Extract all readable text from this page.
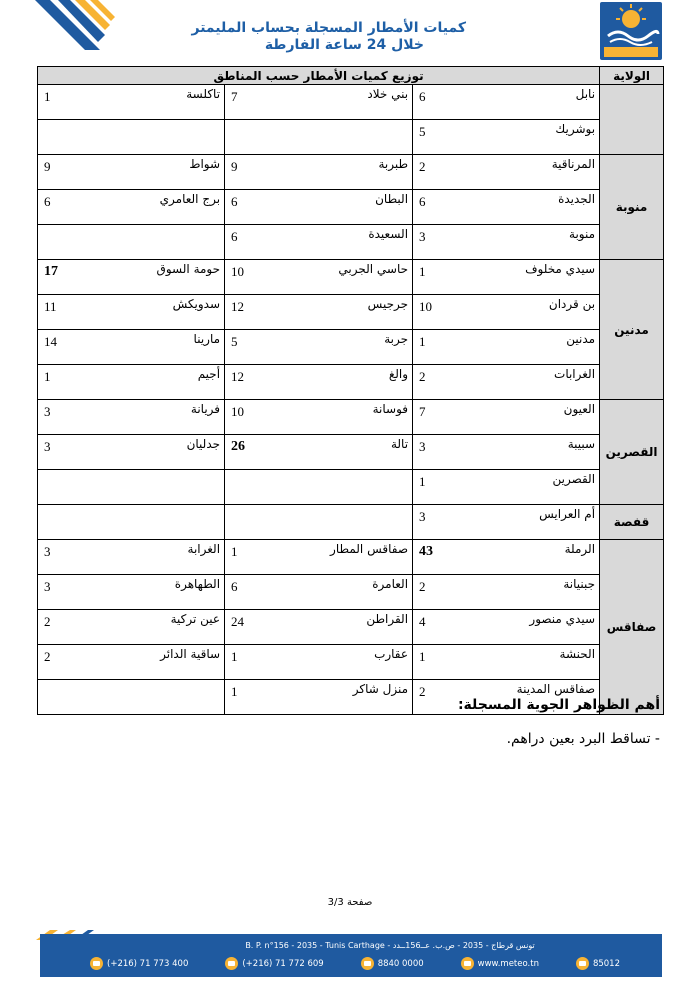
كميات الأمطار المسجلة بحساب المليمتر
خلال 24 ساعة الفارطة
الولاية	توزيع كميات الأمطار حسب المناطق					
	نابل	6	بني خلاد	7	تاكلسة	1
	بوشريك	5				
منوبة	المرناقية	2	طبربة	9	شواط	9
	الجديدة	6	البطان	6	برج العامري	6
	منوبة	3	السعيدة	6		
مدنين	سيدي مخلوف	1	حاسي الجربي	10	حومة السوق	17
	بن قردان	10	جرجيس	12	سدويكش	11
	مدنين	1	جربة	5	مارينا	14
	الغرابات	2	والغ	12	أجيم	1
القصرين	العيون	7	فوسانة	10	فريانة	3
	سبيبة	3	تالة	26	جدليان	3
	القصرين	1				
قفصة	أم العرايس	3				
صفاقس	الرملة	43	صفاقس المطار	1	الغرابة	3
	جبنيانة	2	العامرة	6	الطهاهرة	3
	سيدي منصور	4	القراطن	24	عين تركية	2
	الحنشة	1	عقارب	1	ساقية الدائر	2
	صفاقس المدينة	2	منزل شاكر	1		
أهم الظواهر الجوية المسجلة:
- تساقط البرد بعين دراهم.
صفحة 3/3
B. P. n°156 - 2035 - Tunis Carthage - تونس قرطاج - 2035 - ص.ب. عــ156ــدد
(+216) 71 773 400	(+216) 71 772 609	8840 0000	www.meteo.tn	85012
